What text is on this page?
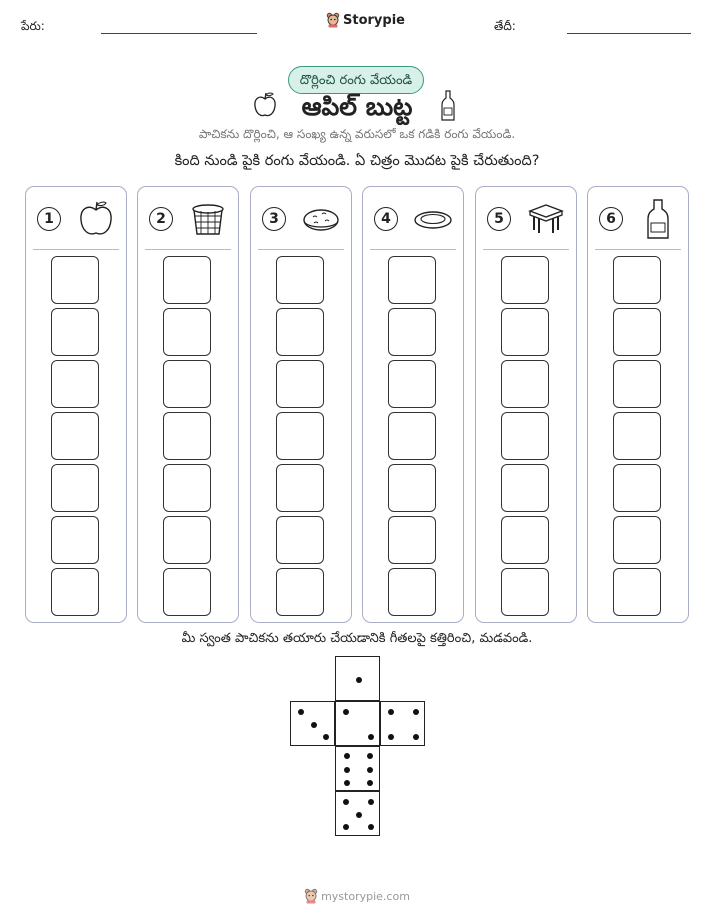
పేరు:	Storypie	తేదీ:
దొర్లించి రంగు వేయండి
ఆపిల్ బుట్ట
పాచికను దొర్లించి, ఆ సంఖ్య ఉన్న వరుసలో ఒక గడికి రంగు వేయండి.
కింది నుండి పైకి రంగు వేయండి. ఏ చిత్రం మొదట పైకి చేరుతుంది?
1	2	3	4	5	6
మీ స్వంత పాచికను తయారు చేయడానికి గీతలపై కత్తిరించి, మడవండి.
mystorypie.com
